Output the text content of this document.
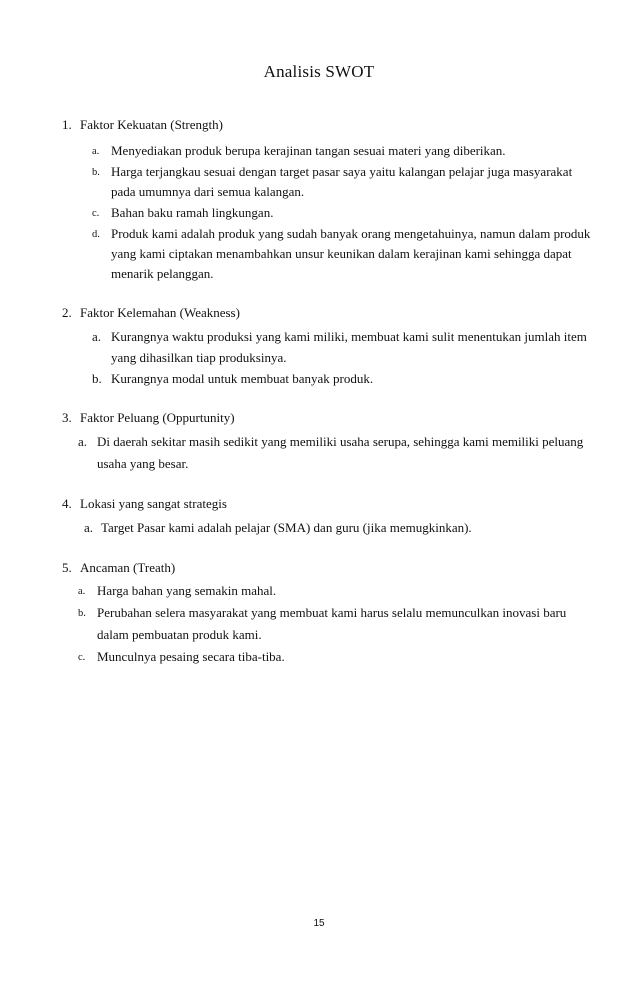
Analisis SWOT
1. Faktor Kekuatan (Strength)
a. Menyediakan produk berupa kerajinan tangan sesuai materi yang diberikan.
b. Harga terjangkau sesuai dengan target pasar saya yaitu kalangan pelajar juga masyarakat
pada umumnya dari semua kalangan.
c. Bahan baku ramah lingkungan.
d. Produk kami adalah produk yang sudah banyak orang mengetahuinya, namun dalam produk
yang kami ciptakan menambahkan unsur keunikan dalam kerajinan kami sehingga dapat
menarik pelanggan.
2. Faktor Kelemahan (Weakness)
a. Kurangnya waktu produksi yang kami miliki, membuat kami sulit menentukan jumlah item
yang dihasilkan tiap produksinya.
b. Kurangnya modal untuk membuat banyak produk.
3. Faktor Peluang (Oppurtunity)
a. Di daerah sekitar masih sedikit yang memiliki usaha serupa, sehingga kami memiliki peluang
usaha yang besar.
4. Lokasi yang sangat strategis
a. Target Pasar kami adalah pelajar (SMA) dan guru (jika memugkinkan).
5. Ancaman (Treath)
a. Harga bahan yang semakin mahal.
b. Perubahan selera masyarakat yang membuat kami harus selalu memunculkan inovasi baru
dalam pembuatan produk kami.
c. Munculnya pesaing secara tiba-tiba.
15
